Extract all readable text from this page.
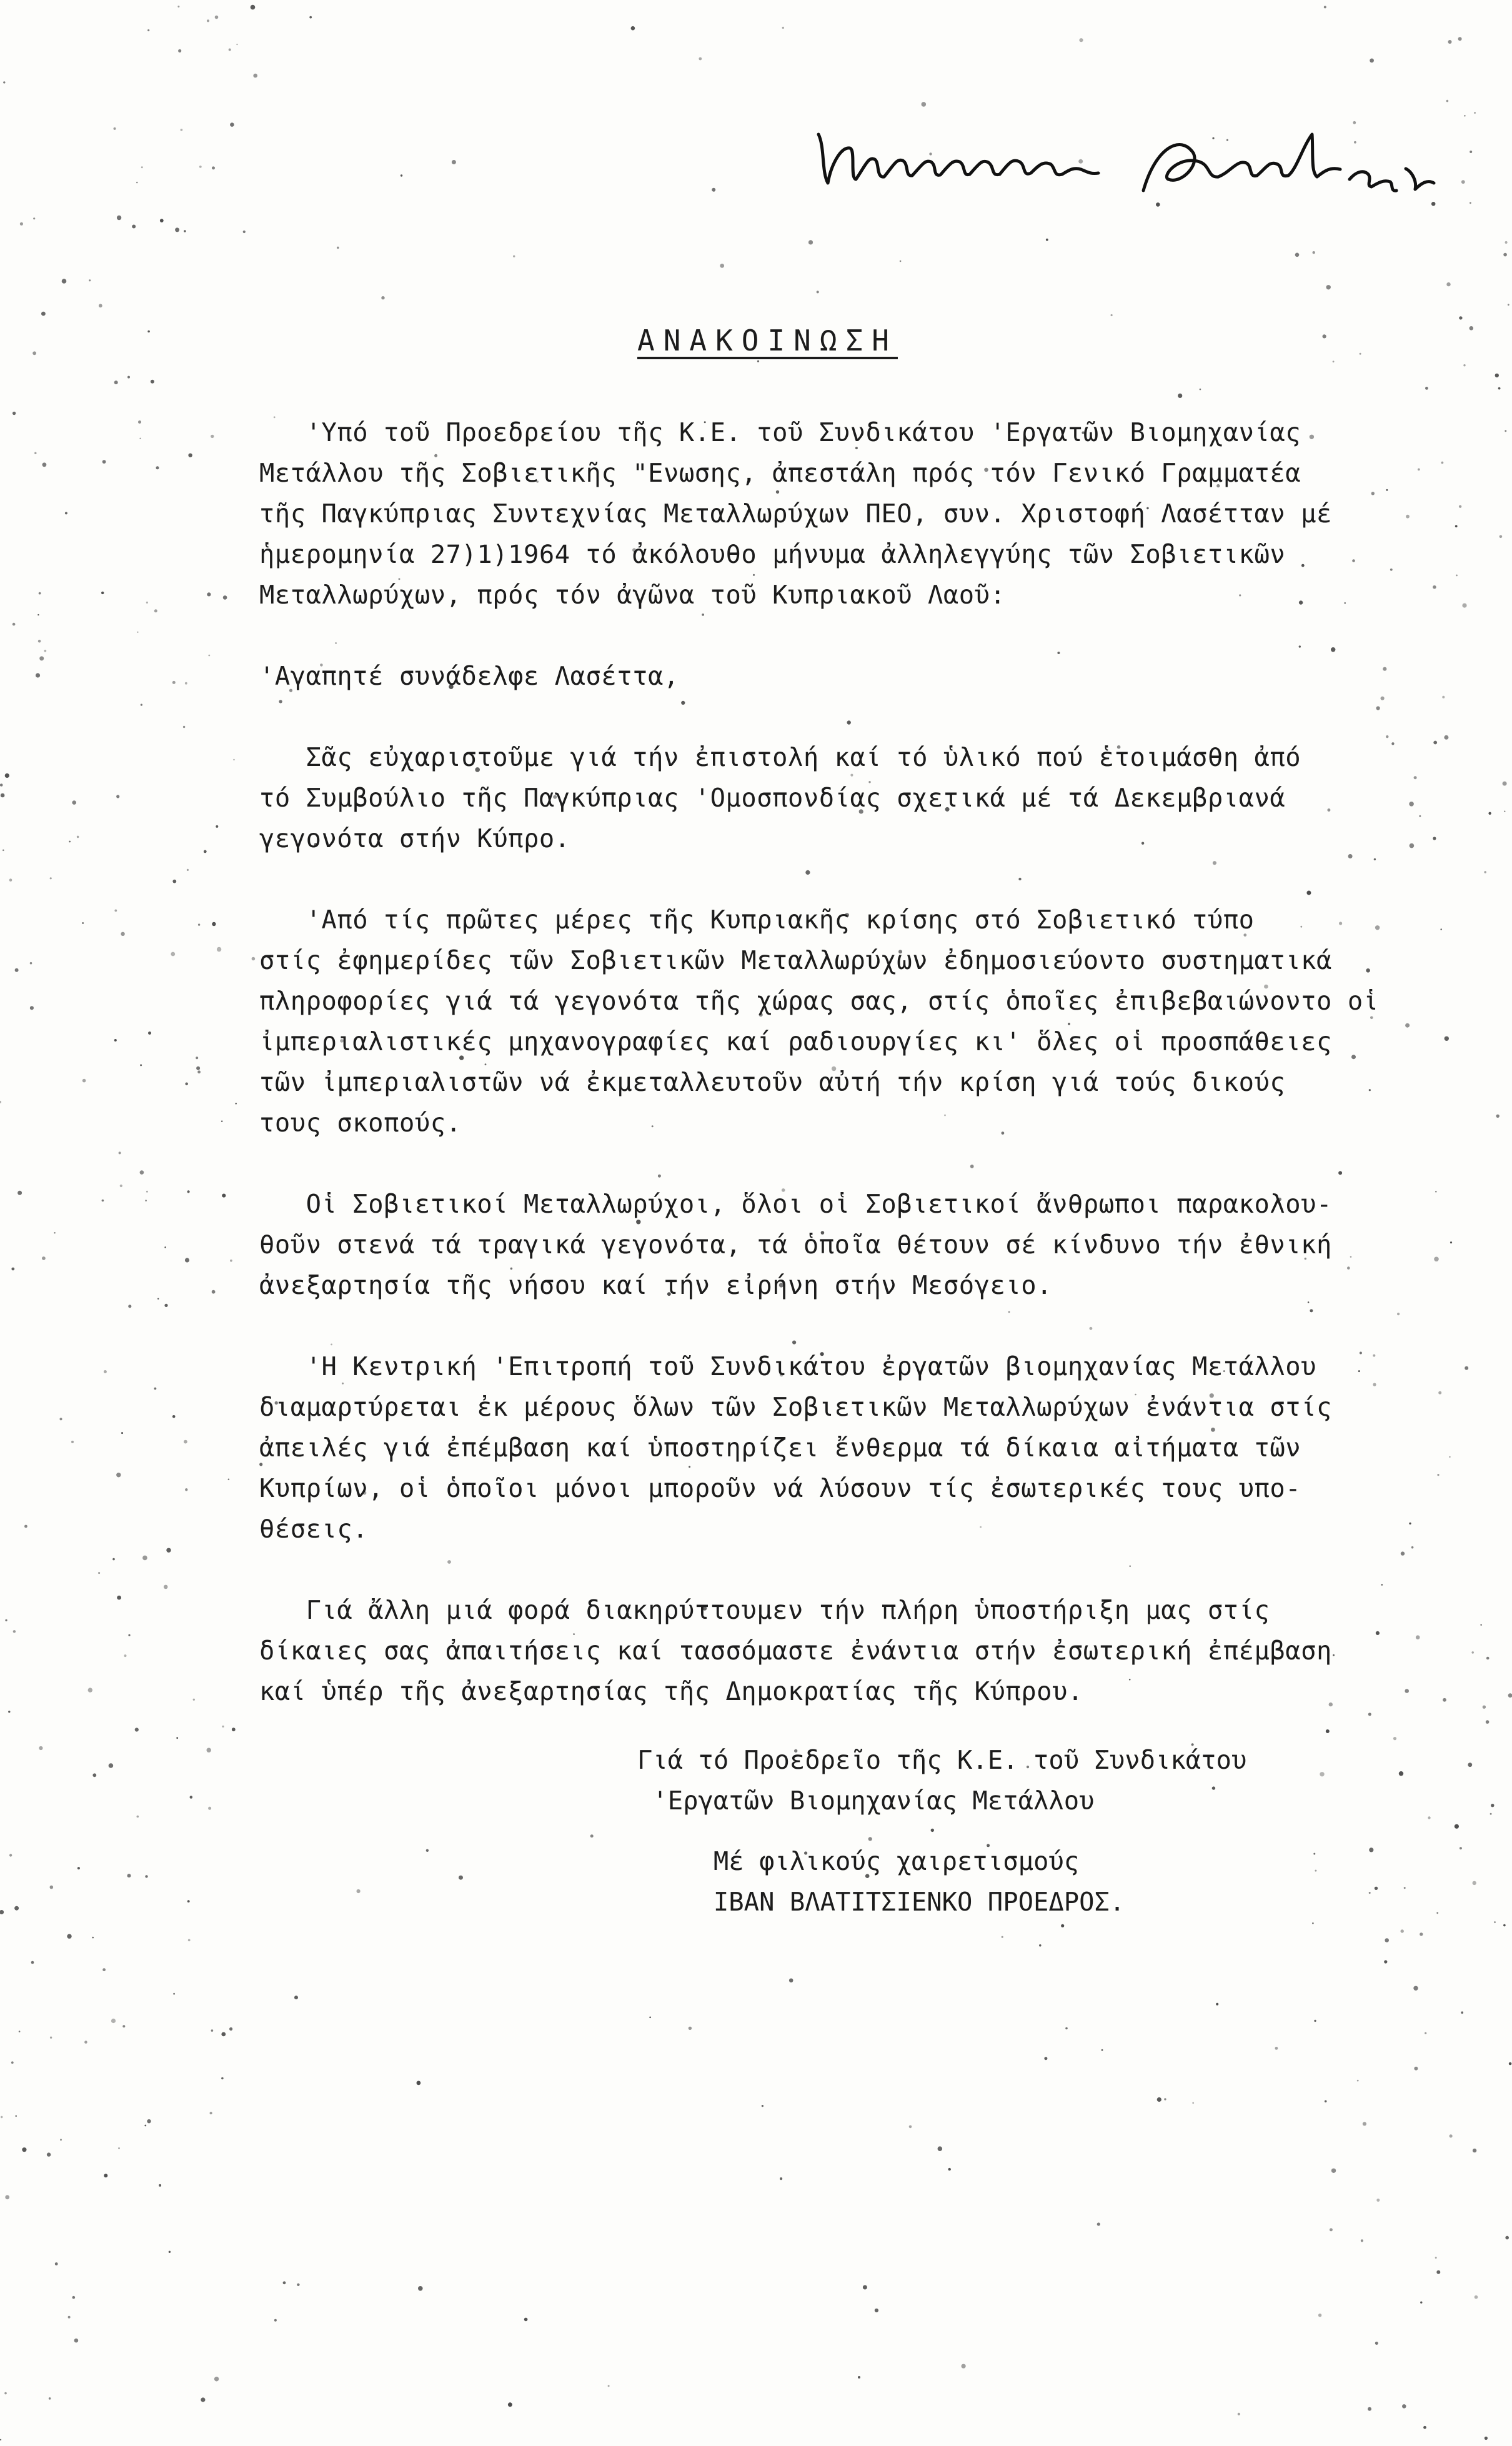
ΑΝΑΚΟΙΝΩΣΗ

'Υπό τοῦ Προεδρείου τῆς Κ.Ε. τοῦ Συνδικάτου 'Εργατῶν Βιομηχανίας

Μετάλλου τῆς Σοβιετικῆς "Ενωσης, ἀπεστάλη πρός τόν Γενικό Γραμματέα

τῆς Παγκύπριας Συντεχνίας Μεταλλωρύχων ΠΕΟ, συν. Χριστοφή Λασέτταν μέ

ἡμερομηνία 27)1)1964 τό ἀκόλουθο μήνυμα ἀλληλεγγύης τῶν Σοβιετικῶν

Μεταλλωρύχων, πρός τόν ἀγῶνα τοῦ Κυπριακοῦ Λαοῦ:

'Αγαπητέ συνάδελφε Λασέττα,

Σᾶς εὐχαριστοῦμε γιά τήν ἐπιστολή καί τό ὑλικό πού ἑτοιμάσθη ἀπό

τό Συμβούλιο τῆς Παγκύπριας 'Ομοσπονδίας σχετικά μέ τά Δεκεμβριανά

γεγονότα στήν Κύπρο.

'Από τίς πρῶτες μέρες τῆς Κυπριακῆς κρίσης στό Σοβιετικό τύπο

στίς ἐφημερίδες τῶν Σοβιετικῶν Μεταλλωρύχων ἐδημοσιεύοντο συστηματικά

πληροφορίες γιά τά γεγονότα τῆς χώρας σας, στίς ὁποῖες ἐπιβεβαιώνοντο οἱ

ἰμπεριαλιστικές μηχανογραφίες καί ραδιουργίες κι' ὅλες οἱ προσπάθειες

τῶν ἰμπεριαλιστῶν νά ἐκμεταλλευτοῦν αὐτή τήν κρίση γιά τούς δικούς

τους σκοπούς.

Οἱ Σοβιετικοί Μεταλλωρύχοι, ὅλοι οἱ Σοβιετικοί ἄνθρωποι παρακολου-

θοῦν στενά τά τραγικά γεγονότα, τά ὁποῖα θέτουν σέ κίνδυνο τήν ἐθνική

ἀνεξαρτησία τῆς νήσου καί τήν εἰρήνη στήν Μεσόγειο.

'Η Κεντρική 'Επιτροπή τοῦ Συνδικάτου ἐργατῶν βιομηχανίας Μετάλλου

διαμαρτύρεται ἐκ μέρους ὅλων τῶν Σοβιετικῶν Μεταλλωρύχων ἐνάντια στίς

ἀπειλές γιά ἐπέμβαση καί ὑποστηρίζει ἔνθερμα τά δίκαια αἰτήματα τῶν

Κυπρίων, οἱ ὁποῖοι μόνοι μποροῦν νά λύσουν τίς ἐσωτερικές τους υπο-

θέσεις.

Γιά ἄλλη μιά φορά διακηρύττουμεν τήν πλήρη ὑποστήριξη μας στίς

δίκαιες σας ἀπαιτήσεις καί τασσόμαστε ἐνάντια στήν ἐσωτερική ἐπέμβαση

καί ὑπέρ τῆς ἀνεξαρτησίας τῆς Δημοκρατίας τῆς Κύπρου.

Γιά τό Προεδρεῖο τῆς Κ.Ε. τοῦ Συνδικάτου
'Εργατῶν Βιομηχανίας Μετάλλου
Μέ φιλικούς χαιρετισμούς
ΙΒΑΝ ΒΛΑΤΙΤΣΙΕΝΚΟ ΠΡΟΕΔΡΟΣ.
